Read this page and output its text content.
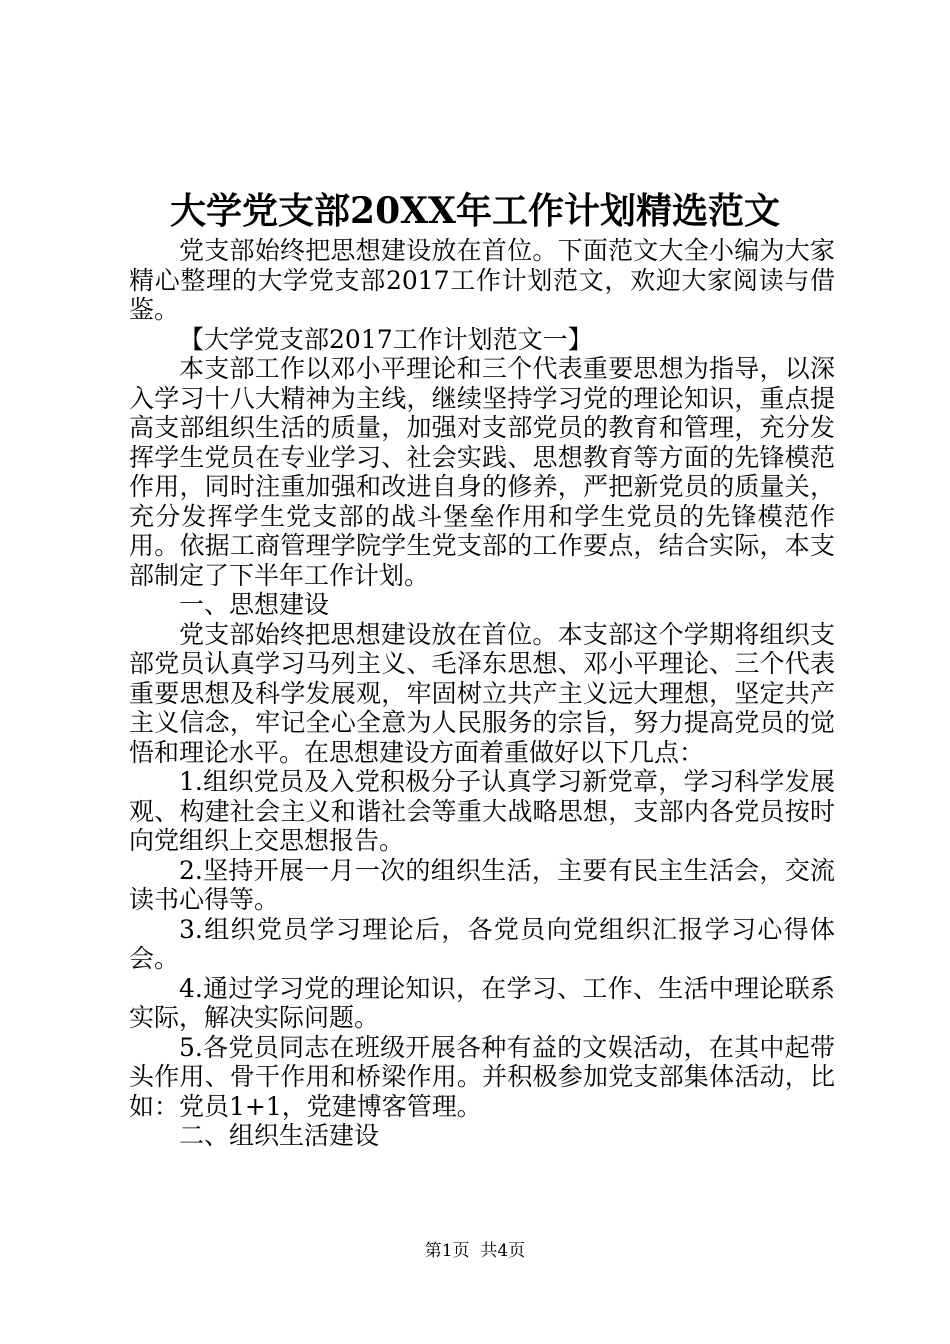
大学党支部20XX年工作计划精选范文

党支部始终把思想建设放在首位。下面范文大全小编为大家精心整理的大学党支部2017工作计划范文，欢迎大家阅读与借鉴。

【大学党支部2017工作计划范文一】

本支部工作以邓小平理论和三个代表重要思想为指导，以深入学习十八大精神为主线，继续坚持学习党的理论知识，重点提高支部组织生活的质量，加强对支部党员的教育和管理，充分发挥学生党员在专业学习、社会实践、思想教育等方面的先锋模范作用，同时注重加强和改进自身的修养，严把新党员的质量关，充分发挥学生党支部的战斗堡垒作用和学生党员的先锋模范作用。依据工商管理学院学生党支部的工作要点，结合实际，本支部制定了下半年工作计划。

一、思想建设

党支部始终把思想建设放在首位。本支部这个学期将组织支部党员认真学习马列主义、毛泽东思想、邓小平理论、三个代表重要思想及科学发展观，牢固树立共产主义远大理想，坚定共产主义信念，牢记全心全意为人民服务的宗旨，努力提高党员的觉悟和理论水平。在思想建设方面着重做好以下几点：

1.组织党员及入党积极分子认真学习新党章，学习科学发展观、构建社会主义和谐社会等重大战略思想，支部内各党员按时向党组织上交思想报告。

2.坚持开展一月一次的组织生活，主要有民主生活会，交流读书心得等。

3.组织党员学习理论后，各党员向党组织汇报学习心得体会。

4.通过学习党的理论知识，在学习、工作、生活中理论联系实际，解决实际问题。

5.各党员同志在班级开展各种有益的文娱活动，在其中起带头作用、骨干作用和桥梁作用。并积极参加党支部集体活动，比如：党员1+1，党建博客管理。

二、组织生活建设

第1页  共4页
